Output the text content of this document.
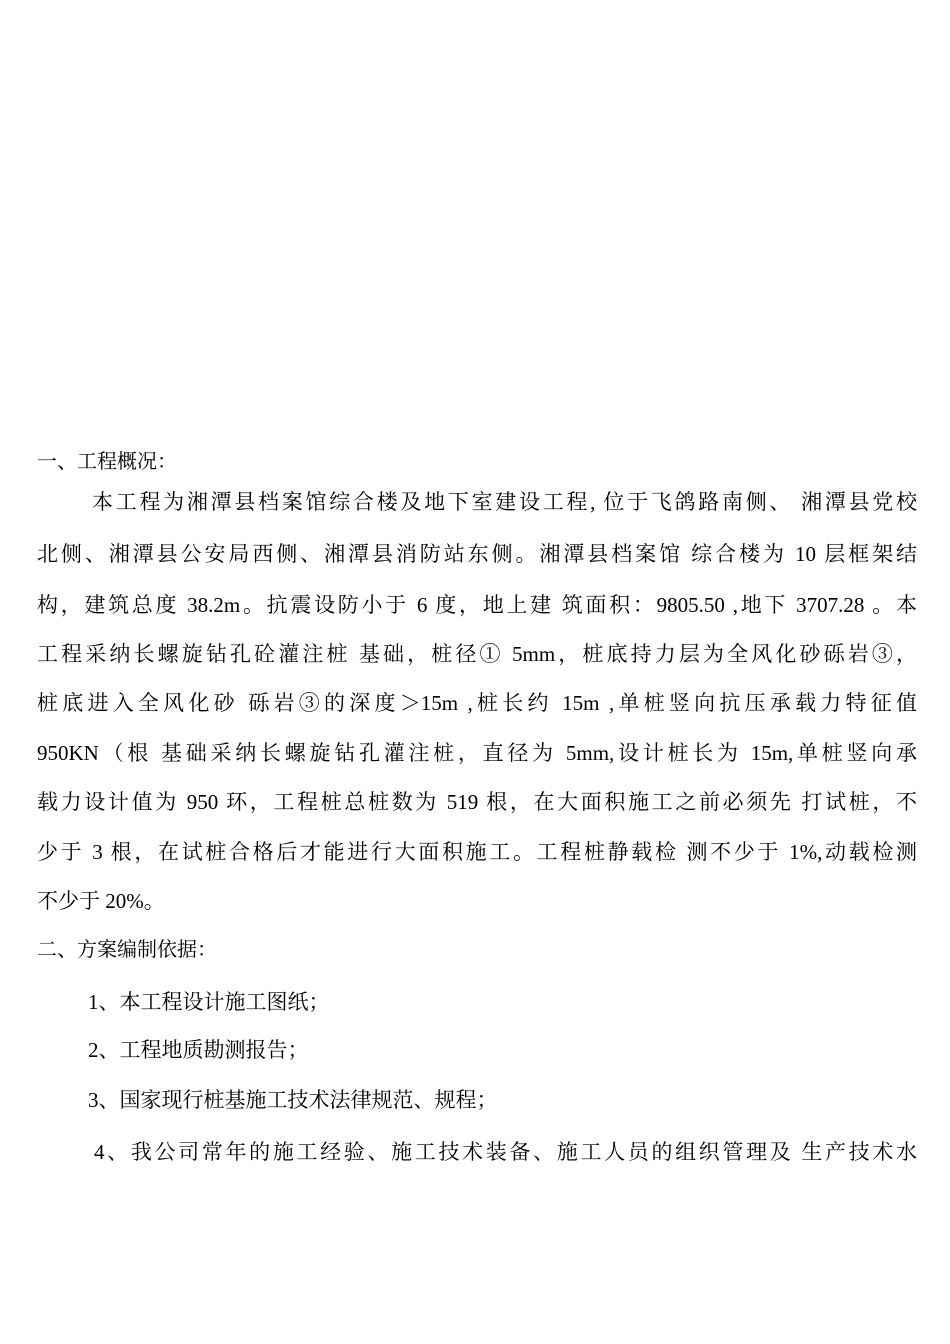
一、工程概况：
本工程为湘潭县档案馆综合楼及地下室建设工程, 位于飞鸽路南侧、 湘潭县党校
北侧、湘潭县公安局西侧、湘潭县消防站东侧。湘潭县档案馆 综合楼为 10 层框架结
构，建筑总度 38.2m。抗震设防小于 6 度，地上建 筑面积：9805.50 ,地下 3707.28 。本
工程采纳长螺旋钻孔砼灌注桩 基础，桩径① 5mm，桩底持力层为全风化砂砾岩③，
桩底进入全风化砂 砾岩③的深度＞15m ,桩长约 15m ,单桩竖向抗压承载力特征值
950KN（根 基础采纳长螺旋钻孔灌注桩，直径为 5mm,设计桩长为 15m,单桩竖向承
载力设计值为 950 环，工程桩总桩数为 519 根，在大面积施工之前必须先 打试桩，不
少于 3 根，在试桩合格后才能进行大面积施工。工程桩静载检 测不少于 1%,动载检测
不少于 20%。
二、方案编制依据：
1、本工程设计施工图纸；
2、工程地质勘测报告；
3、国家现行桩基施工技术法律规范、规程；
4、我公司常年的施工经验、施工技术装备、施工人员的组织管理及 生产技术水
